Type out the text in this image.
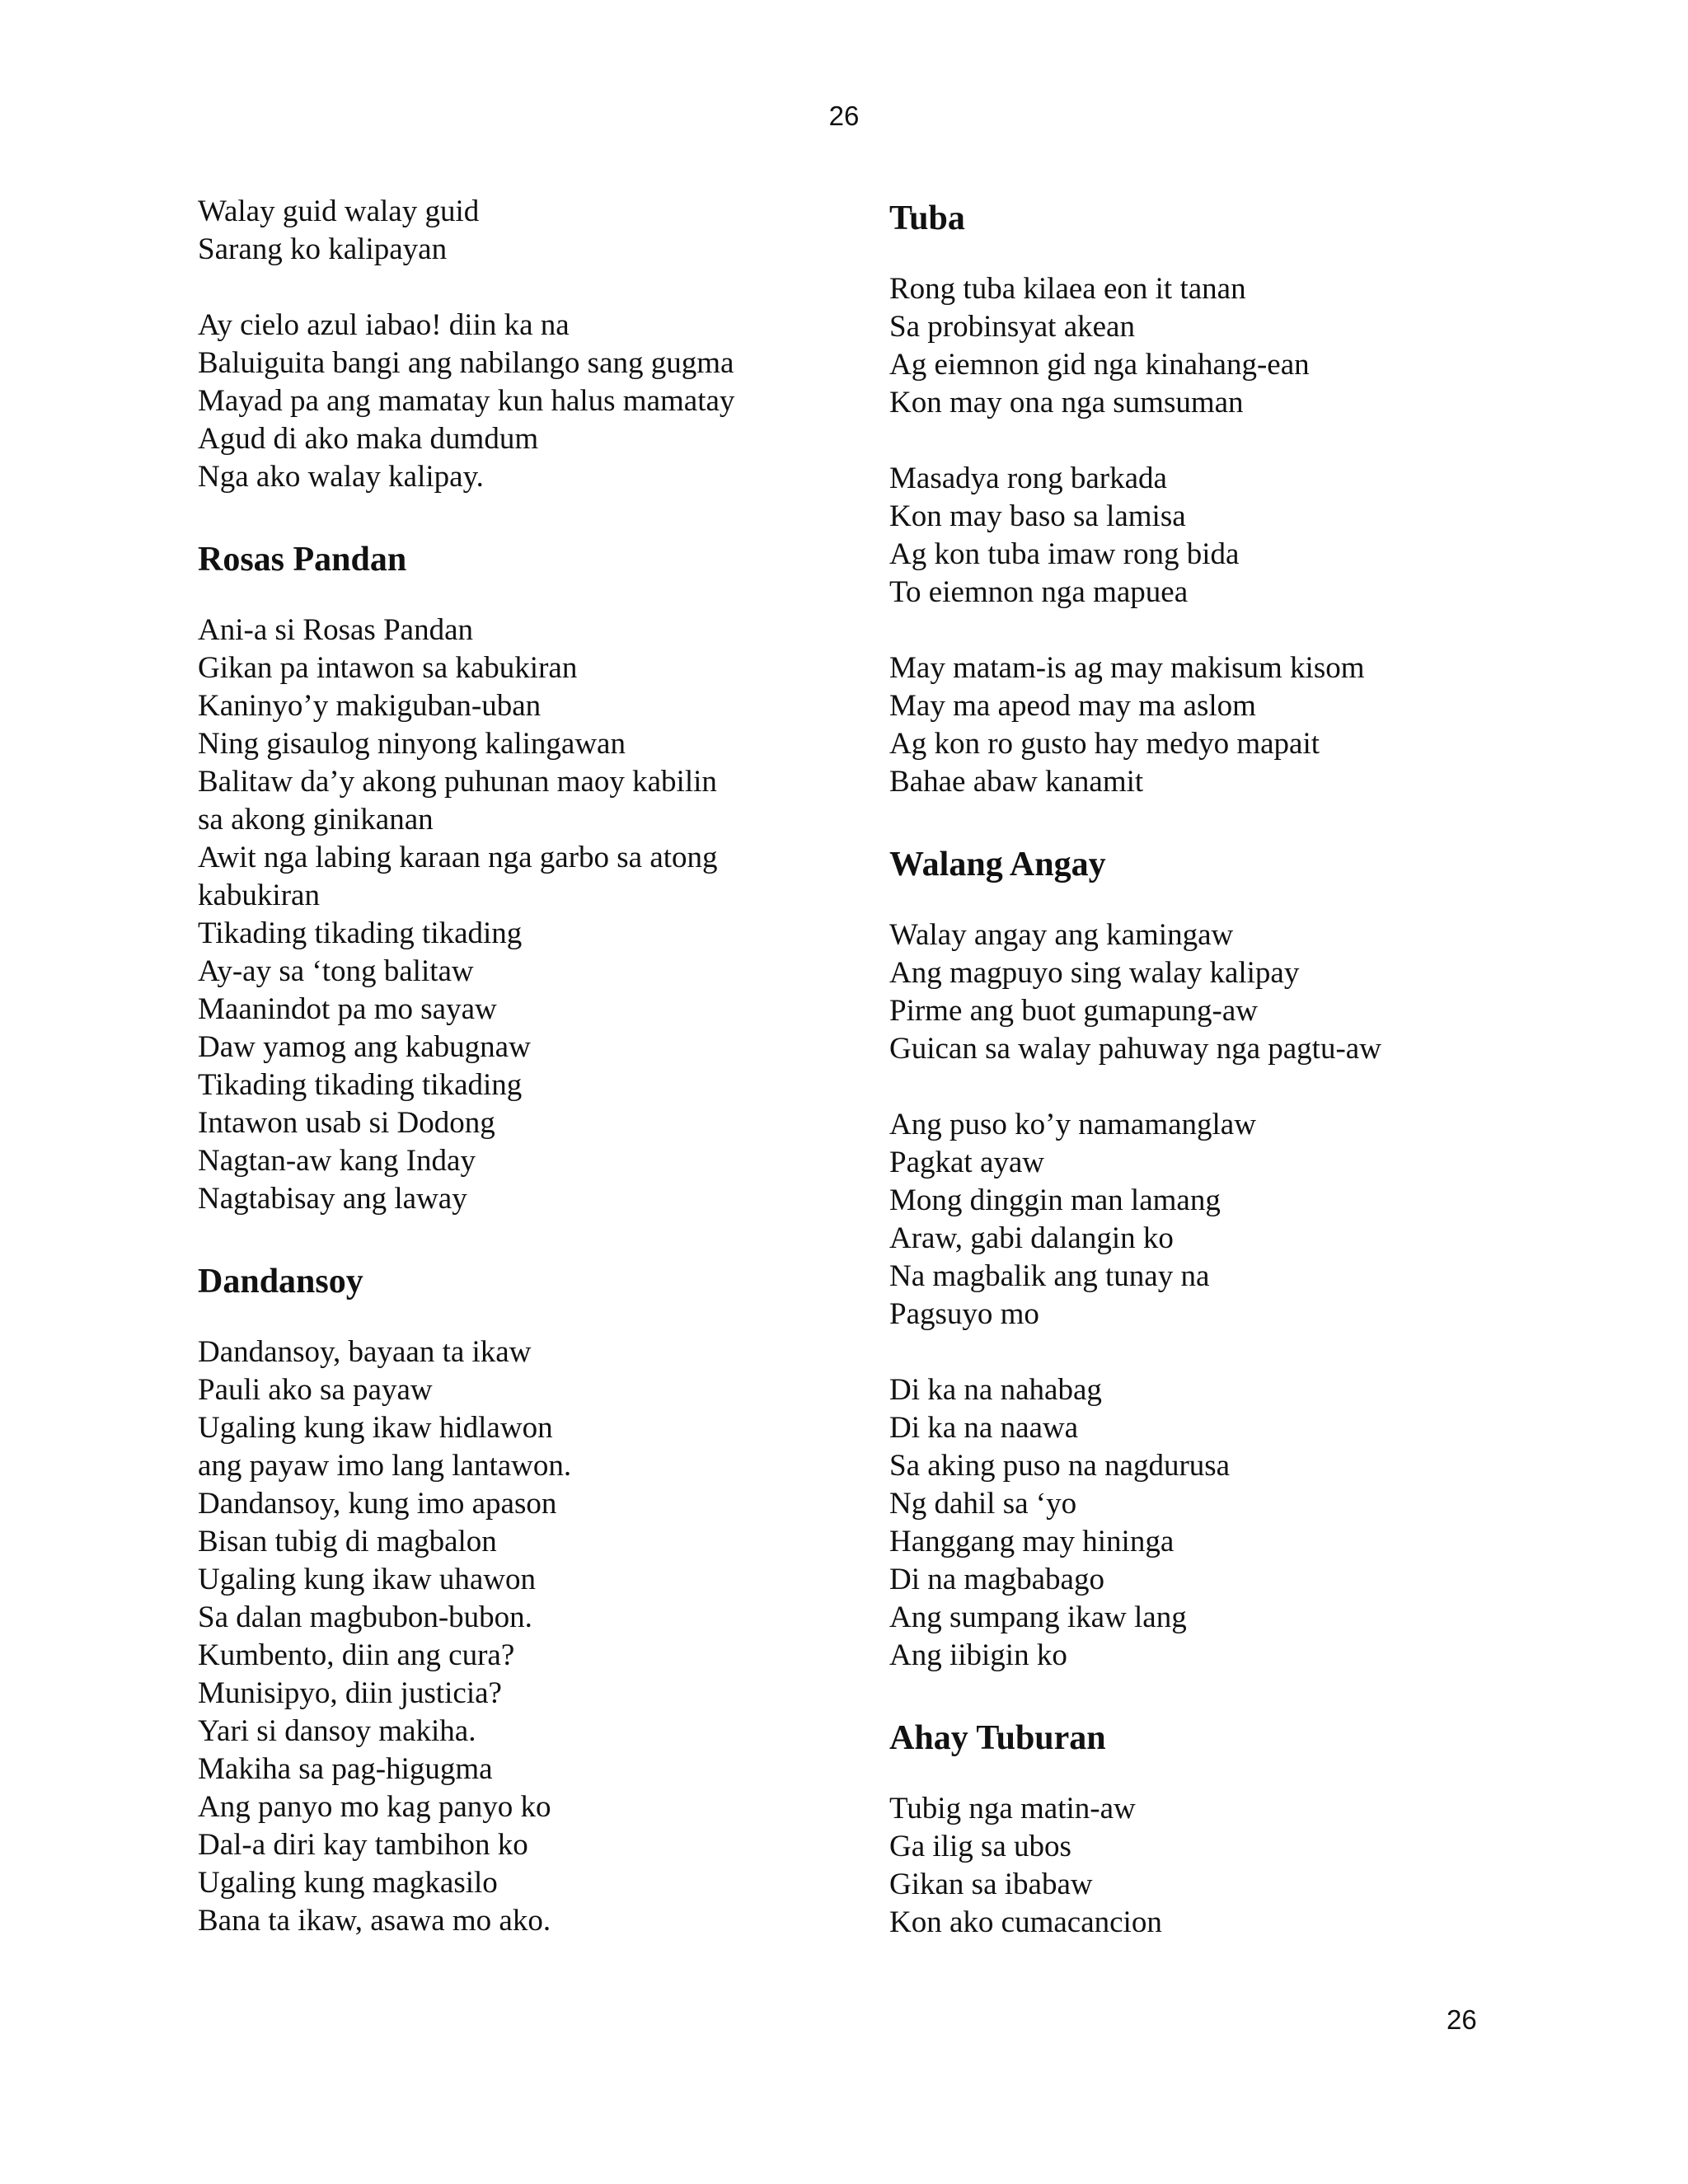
26
Walay guid walay guid
Sarang ko kalipayan
Ay cielo azul iabao! diin ka na
Baluiguita bangi ang nabilango sang gugma
Mayad pa ang mamatay kun halus mamatay
Agud di ako maka dumdum
Nga ako walay kalipay.
Rosas Pandan
Ani-a si Rosas Pandan
Gikan pa intawon sa kabukiran
Kaninyo’y makiguban-uban
Ning gisaulog ninyong kalingawan
Balitaw da’y akong puhunan maoy kabilin
sa akong ginikanan
Awit nga labing karaan nga garbo sa atong
kabukiran
Tikading tikading tikading
Ay-ay sa ‘tong balitaw
Maanindot pa mo sayaw
Daw yamog ang kabugnaw
Tikading tikading tikading
Intawon usab si Dodong
Nagtan-aw kang Inday
Nagtabisay ang laway
Dandansoy
Dandansoy, bayaan ta ikaw
Pauli ako sa payaw
Ugaling kung ikaw hidlawon
ang payaw imo lang lantawon.
Dandansoy, kung imo apason
Bisan tubig di magbalon
Ugaling kung ikaw uhawon
Sa dalan magbubon-bubon.
Kumbento, diin ang cura?
Munisipyo, diin justicia?
Yari si dansoy makiha.
Makiha sa pag-higugma
Ang panyo mo kag panyo ko
Dal-a diri kay tambihon ko
Ugaling kung magkasilo
Bana ta ikaw, asawa mo ako.
Tuba
Rong tuba kilaea eon it tanan
Sa probinsyat akean
Ag eiemnon gid nga kinahang-ean
Kon may ona nga sumsuman
Masadya rong barkada
Kon may baso sa lamisa
Ag kon tuba imaw rong bida
To eiemnon nga mapuea
May matam-is ag may makisum kisom
May ma apeod may ma aslom
Ag kon ro gusto hay medyo mapait
Bahae abaw kanamit
Walang Angay
Walay angay ang kamingaw
Ang magpuyo sing walay kalipay
Pirme ang buot gumapung-aw
Guican sa walay pahuway nga pagtu-aw
Ang puso ko’y namamanglaw
Pagkat ayaw
Mong dinggin man lamang
Araw, gabi dalangin ko
Na magbalik ang tunay na
Pagsuyo mo
Di ka na nahabag
Di ka na naawa
Sa aking puso na nagdurusa
Ng dahil sa ‘yo
Hanggang may hininga
Di na magbabago
Ang sumpang ikaw lang
Ang iibigin ko
Ahay Tuburan
Tubig nga matin-aw
Ga ilig sa ubos
Gikan sa ibabaw
Kon ako cumacancion
26
